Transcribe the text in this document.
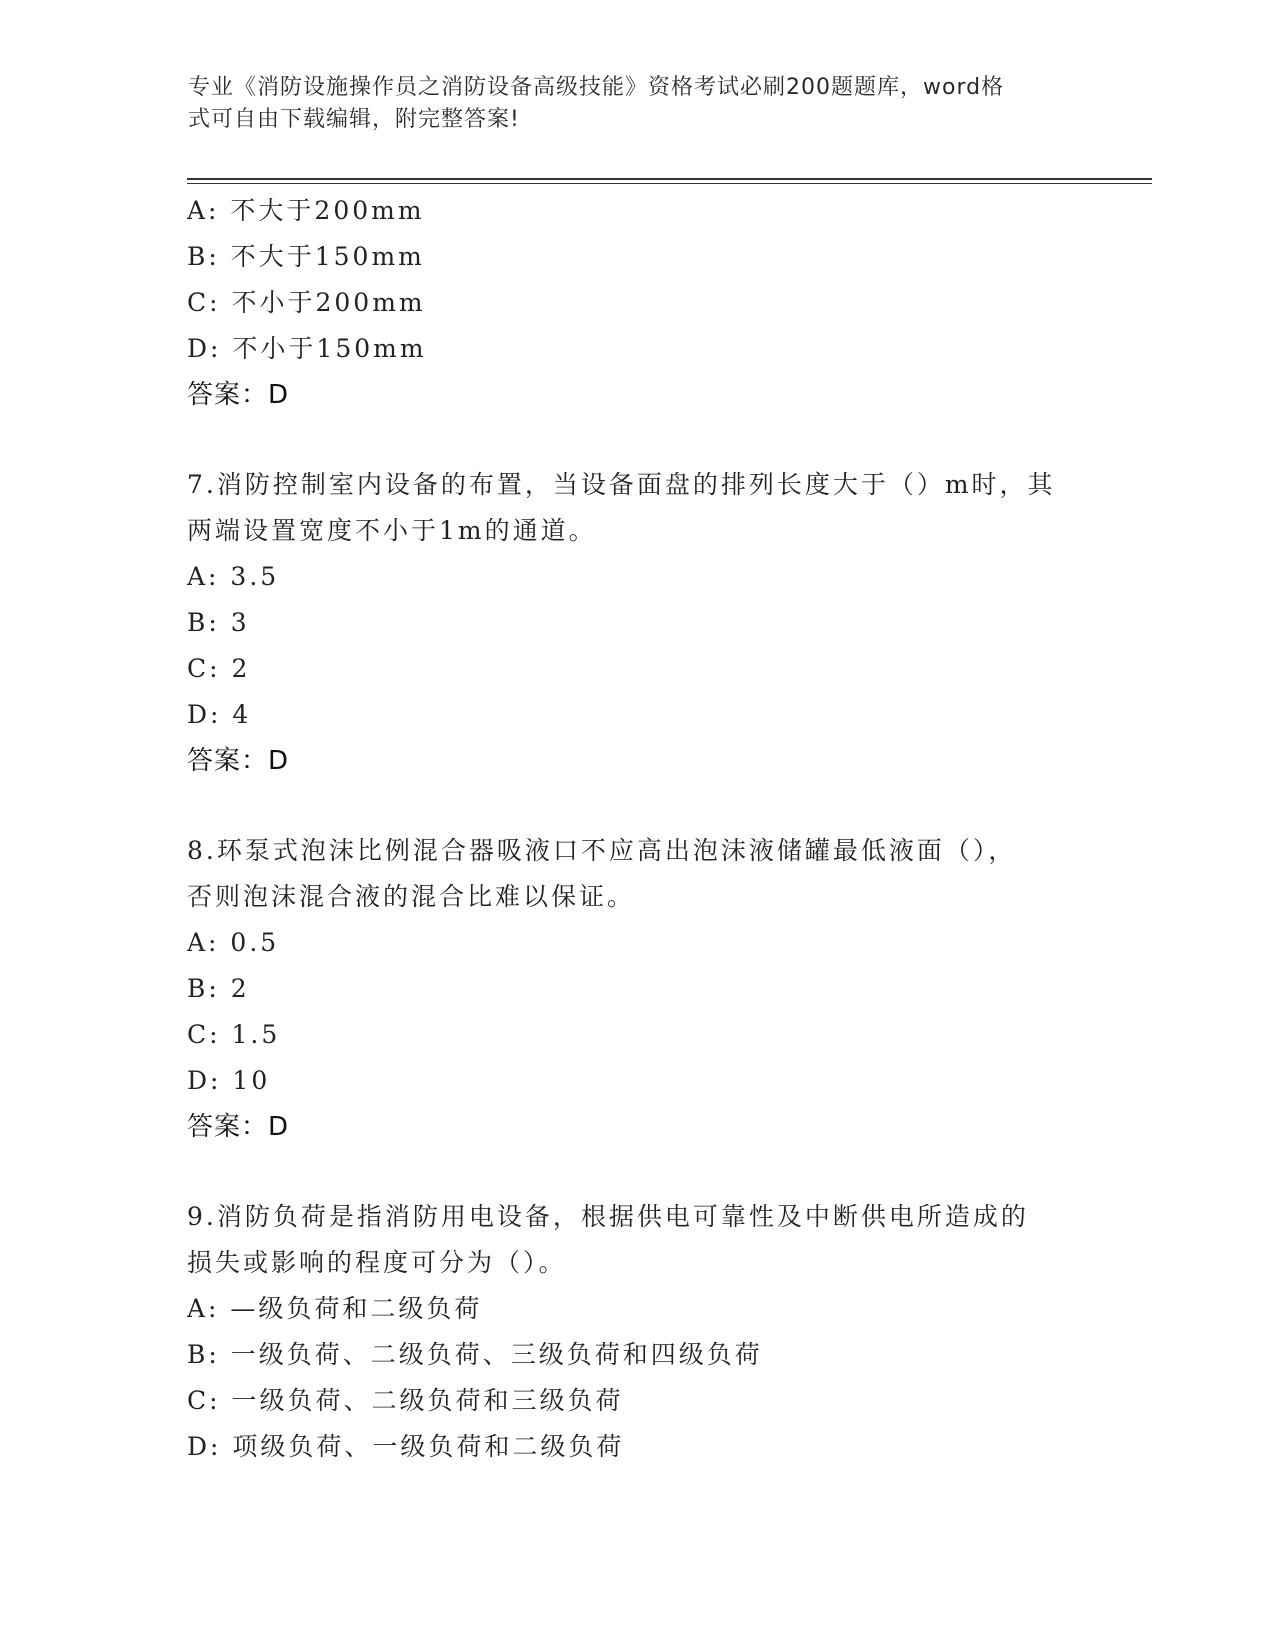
专业《消防设施操作员之消防设备高级技能》资格考试必刷200题题库，word格
式可自由下载编辑，附完整答案!
A: 不大于200mm
B: 不大于150mm
C: 不小于200mm
D: 不小于150mm
答案：D
7.消防控制室内设备的布置，当设备面盘的排列长度大于（）m时，其
两端设置宽度不小于1m的通道。
A: 3.5
B: 3
C: 2
D: 4
答案：D
8.环泵式泡沫比例混合器吸液口不应高出泡沫液储罐最低液面（），
否则泡沫混合液的混合比难以保证。
A: 0.5
B: 2
C: 1.5
D: 10
答案：D
9.消防负荷是指消防用电设备，根据供电可靠性及中断供电所造成的
损失或影响的程度可分为（）。
A: —级负荷和二级负荷
B: 一级负荷、二级负荷、三级负荷和四级负荷
C: 一级负荷、二级负荷和三级负荷
D: 项级负荷、一级负荷和二级负荷
